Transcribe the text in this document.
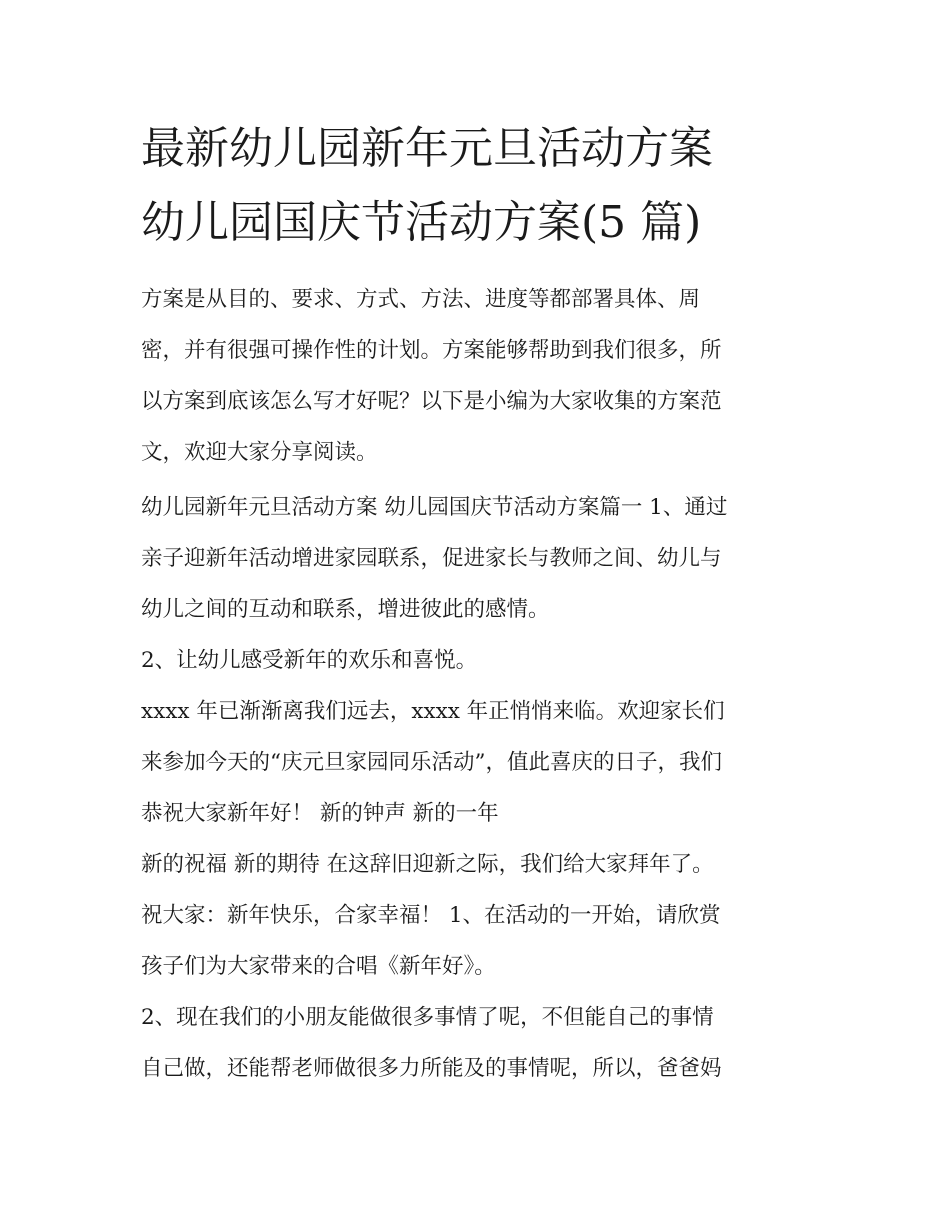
最新幼儿园新年元旦活动方案
幼儿园国庆节活动方案(5 篇)
方案是从目的、要求、方式、方法、进度等都部署具体、周
密，并有很强可操作性的计划。方案能够帮助到我们很多，所
以方案到底该怎么写才好呢？以下是小编为大家收集的方案范
文，欢迎大家分享阅读。
幼儿园新年元旦活动方案 幼儿园国庆节活动方案篇一 1、通过
亲子迎新年活动增进家园联系，促进家长与教师之间、幼儿与
幼儿之间的互动和联系，增进彼此的感情。
2、让幼儿感受新年的欢乐和喜悦。
xxxx 年已渐渐离我们远去，xxxx 年正悄悄来临。欢迎家长们
来参加今天的“庆元旦家园同乐活动”，值此喜庆的日子，我们
恭祝大家新年好！ 新的钟声 新的一年
新的祝福 新的期待 在这辞旧迎新之际，我们给大家拜年了。
祝大家：新年快乐，合家幸福！ 1、在活动的一开始，请欣赏
孩子们为大家带来的合唱《新年好》。
2、现在我们的小朋友能做很多事情了呢，不但能自己的事情
自己做，还能帮老师做很多力所能及的事情呢，所以，爸爸妈
